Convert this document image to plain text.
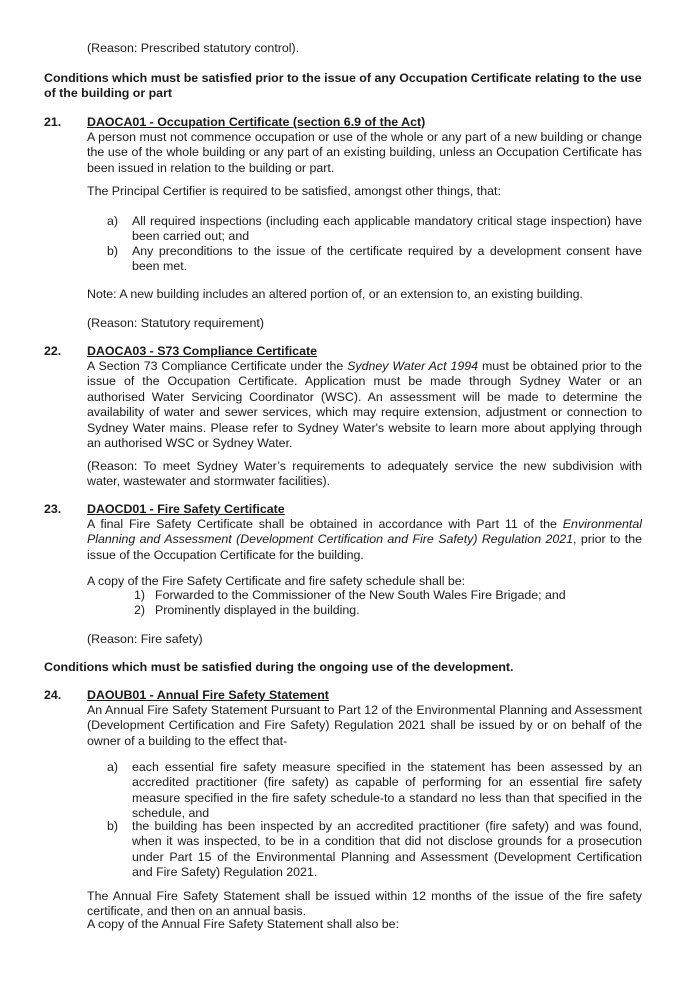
(Reason: Prescribed statutory control).
Conditions which must be satisfied prior to the issue of any Occupation Certificate relating to the use of the building or part
21. DAOCA01 - Occupation Certificate (section 6.9 of the Act)
A person must not commence occupation or use of the whole or any part of a new building or change the use of the whole building or any part of an existing building, unless an Occupation Certificate has been issued in relation to the building or part.
The Principal Certifier is required to be satisfied, amongst other things, that:
a) All required inspections (including each applicable mandatory critical stage inspection) have been carried out; and
b) Any preconditions to the issue of the certificate required by a development consent have been met.
Note: A new building includes an altered portion of, or an extension to, an existing building.
(Reason: Statutory requirement)
22. DAOCA03 - S73 Compliance Certificate
A Section 73 Compliance Certificate under the Sydney Water Act 1994 must be obtained prior to the issue of the Occupation Certificate. Application must be made through Sydney Water or an authorised Water Servicing Coordinator (WSC). An assessment will be made to determine the availability of water and sewer services, which may require extension, adjustment or connection to Sydney Water mains. Please refer to Sydney Water's website to learn more about applying through an authorised WSC or Sydney Water.
(Reason: To meet Sydney Water’s requirements to adequately service the new subdivision with water, wastewater and stormwater facilities).
23. DAOCD01 - Fire Safety Certificate
A final Fire Safety Certificate shall be obtained in accordance with Part 11 of the Environmental Planning and Assessment (Development Certification and Fire Safety) Regulation 2021, prior to the issue of the Occupation Certificate for the building.
A copy of the Fire Safety Certificate and fire safety schedule shall be:
1) Forwarded to the Commissioner of the New South Wales Fire Brigade; and
2) Prominently displayed in the building.
(Reason: Fire safety)
Conditions which must be satisfied during the ongoing use of the development.
24. DAOUB01 - Annual Fire Safety Statement
An Annual Fire Safety Statement Pursuant to Part 12 of the Environmental Planning and Assessment (Development Certification and Fire Safety) Regulation 2021 shall be issued by or on behalf of the owner of a building to the effect that-
a) each essential fire safety measure specified in the statement has been assessed by an accredited practitioner (fire safety) as capable of performing for an essential fire safety measure specified in the fire safety schedule-to a standard no less than that specified in the schedule, and
b) the building has been inspected by an accredited practitioner (fire safety) and was found, when it was inspected, to be in a condition that did not disclose grounds for a prosecution under Part 15 of the Environmental Planning and Assessment (Development Certification and Fire Safety) Regulation 2021.
The Annual Fire Safety Statement shall be issued within 12 months of the issue of the fire safety certificate, and then on an annual basis.
A copy of the Annual Fire Safety Statement shall also be:
